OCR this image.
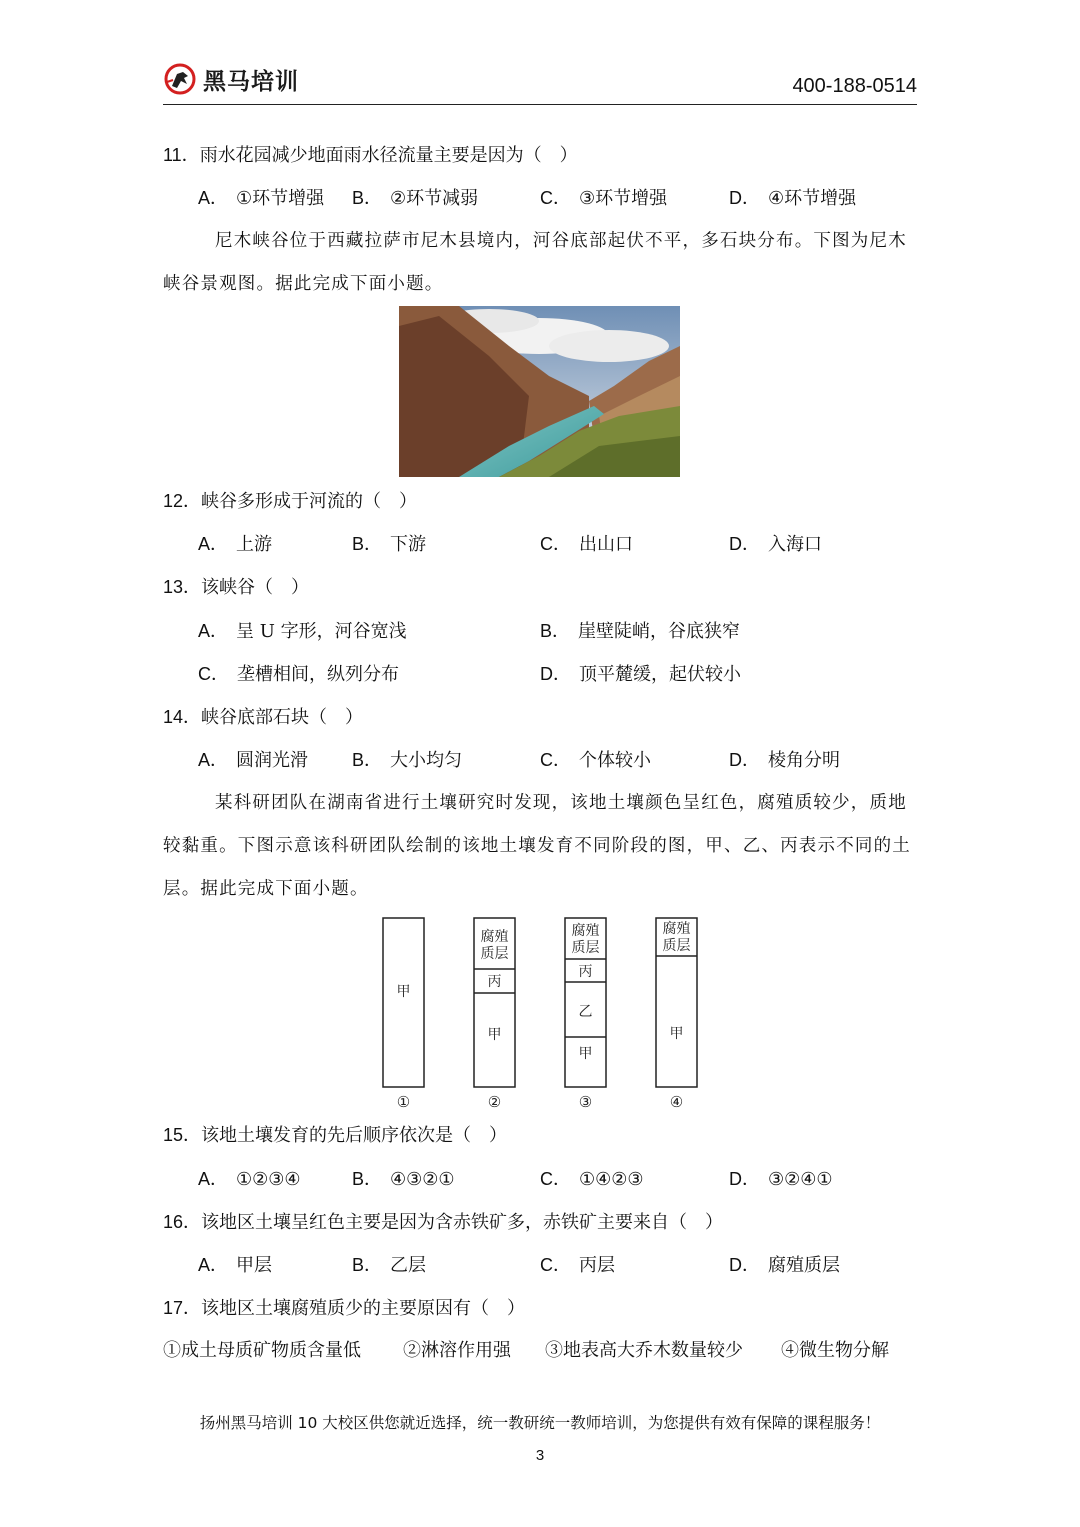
黑马培训	400-188-0514
11．雨水花园减少地面雨水径流量主要是因为（　）
A． ①环节增强 B． ②环节减弱	C． ③环节增强	D． ④环节增强
尼木峡谷位于西藏拉萨市尼木县境内，河谷底部起伏不平，多石块分布。下图为尼木
峡谷景观图。据此完成下面小题。
12．峡谷多形成于河流的（　）
A． 上游	B． 下游	C． 出山口	D． 入海口
13．该峡谷（　）
A． 呈 U 字形，河谷宽浅	B． 崖壁陡峭，谷底狭窄
C． 垄槽相间，纵列分布	D． 顶平麓缓，起伏较小
14．峡谷底部石块（　）
A． 圆润光滑 B． 大小均匀	C． 个体较小	D． 棱角分明
某科研团队在湖南省进行土壤研究时发现，该地土壤颜色呈红色，腐殖质较少，质地
较黏重。下图示意该科研团队绘制的该地土壤发育不同阶段的图，甲、乙、丙表示不同的土
层。据此完成下面小题。
甲
腐殖
质层
丙
甲
腐殖
质层
丙
乙
甲
腐殖
质层
甲
①	②	③	④
15．该地土壤发育的先后顺序依次是（　）
A． ①②③④	B． ④③②①	C． ①④②③	D． ③②④①
16．该地区土壤呈红色主要是因为含赤铁矿多，赤铁矿主要来自（　）
A． 甲层	B． 乙层	C． 丙层	D． 腐殖质层
17．该地区土壤腐殖质少的主要原因有（　）
①成土母质矿物质含量低 ②淋溶作用强 ③地表高大乔木数量较少 ④微生物分解
扬州黑马培训 10 大校区供您就近选择，统一教研统一教师培训，为您提供有效有保障的课程服务！
3
